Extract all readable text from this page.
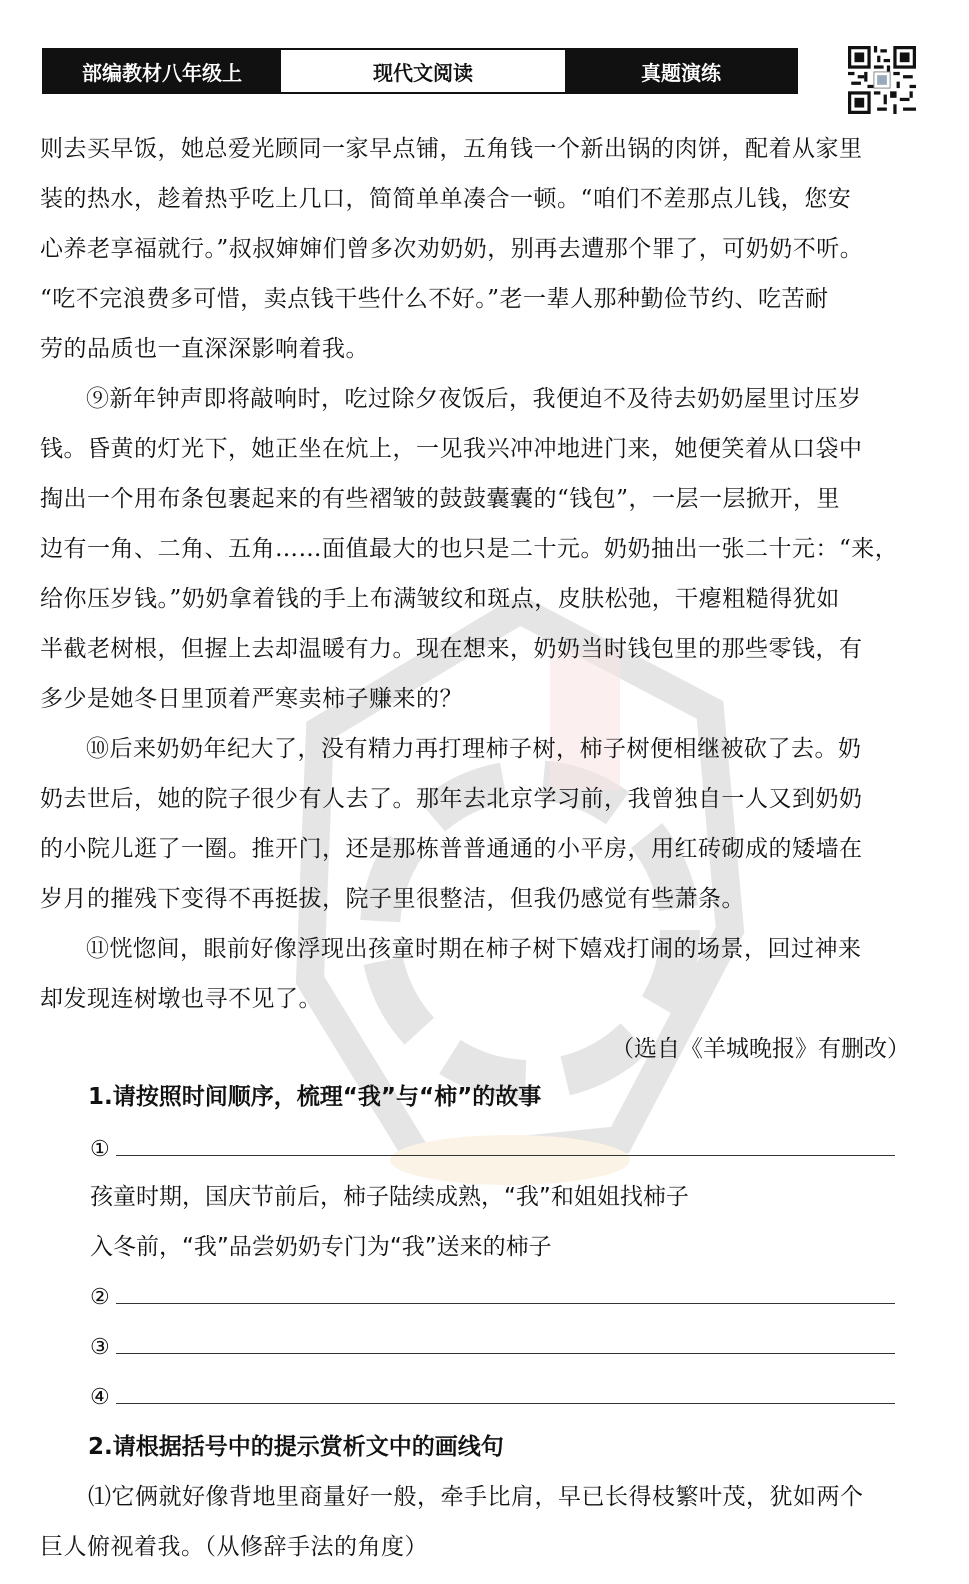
部编教材八年级上	现代文阅读	真题演练
则去买早饭，她总爱光顾同一家早点铺，五角钱一个新出锅的肉饼，配着从家里
装的热水，趁着热乎吃上几口，简简单单凑合一顿。“咱们不差那点儿钱，您安
心养老享福就行。”叔叔婶婶们曾多次劝奶奶，别再去遭那个罪了，可奶奶不听。
“吃不完浪费多可惜，卖点钱干些什么不好。”老一辈人那种勤俭节约、吃苦耐
劳的品质也一直深深影响着我。
⑨新年钟声即将敲响时，吃过除夕夜饭后，我便迫不及待去奶奶屋里讨压岁
钱。昏黄的灯光下，她正坐在炕上，一见我兴冲冲地进门来，她便笑着从口袋中
掏出一个用布条包裹起来的有些褶皱的鼓鼓囊囊的“钱包”，一层一层掀开，里
边有一角、二角、五角……面值最大的也只是二十元。奶奶抽出一张二十元：“来，
给你压岁钱。”奶奶拿着钱的手上布满皱纹和斑点，皮肤松弛，干瘪粗糙得犹如
半截老树根，但握上去却温暖有力。现在想来，奶奶当时钱包里的那些零钱，有
多少是她冬日里顶着严寒卖柿子赚来的？
⑩后来奶奶年纪大了，没有精力再打理柿子树，柿子树便相继被砍了去。奶
奶去世后，她的院子很少有人去了。那年去北京学习前，我曾独自一人又到奶奶
的小院儿逛了一圈。推开门，还是那栋普普通通的小平房，用红砖砌成的矮墙在
岁月的摧残下变得不再挺拔，院子里很整洁，但我仍感觉有些萧条。
⑪恍惚间，眼前好像浮现出孩童时期在柿子树下嬉戏打闹的场景，回过神来
却发现连树墩也寻不见了。
（选自《羊城晚报》有删改）
1.请按照时间顺序，梳理“我”与“柿”的故事
①
孩童时期，国庆节前后，柿子陆续成熟，“我”和姐姐找柿子
入冬前，“我”品尝奶奶专门为“我”送来的柿子
②
③
④
2.请根据括号中的提示赏析文中的画线句
⑴它俩就好像背地里商量好一般，牵手比肩，早已长得枝繁叶茂，犹如两个
巨人俯视着我。（从修辞手法的角度）
